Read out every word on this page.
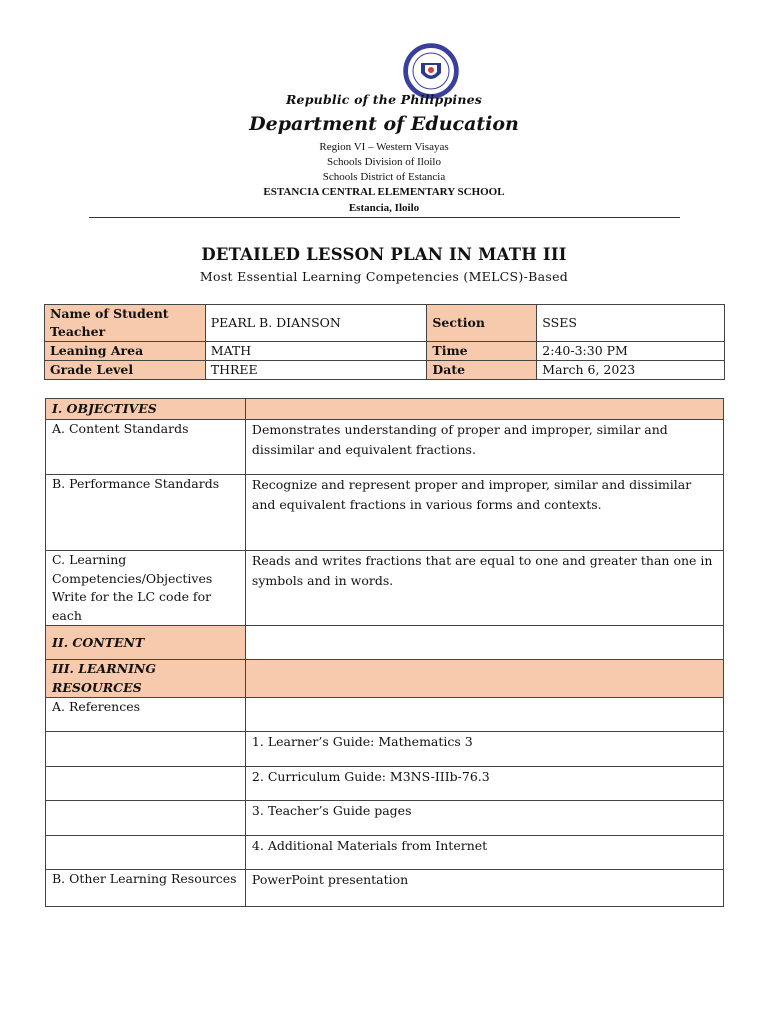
Republic of the Philippines
Department of Education
Region VI – Western Visayas
Schools Division of Iloilo
Schools District of Estancia
ESTANCIA CENTRAL ELEMENTARY SCHOOL
Estancia, Iloilo
DETAILED LESSON PLAN IN MATH III
Most Essential Learning Competencies (MELCS)-Based
Name of Student Teacher	PEARL B. DIANSON	Section	SSES
Leaning Area	MATH	Time	2:40-3:30 PM
Grade Level	THREE	Date	March 6, 2023
I. OBJECTIVES	
A. Content Standards	Demonstrates understanding of proper and improper, similar and dissimilar and equivalent fractions.
B. Performance Standards	Recognize and represent proper and improper, similar and dissimilar and equivalent fractions in various forms and contexts.
C. Learning Competencies/Objectives Write for the LC code for each	Reads and writes fractions that are equal to one and greater than one in symbols and in words.
II. CONTENT	
III. LEARNING RESOURCES	
A. References	
	1. Learner’s Guide: Mathematics 3
	2. Curriculum Guide: M3NS-IIIb-76.3
	3. Teacher’s Guide pages
	4. Additional Materials from Internet
B. Other Learning Resources	PowerPoint presentation
